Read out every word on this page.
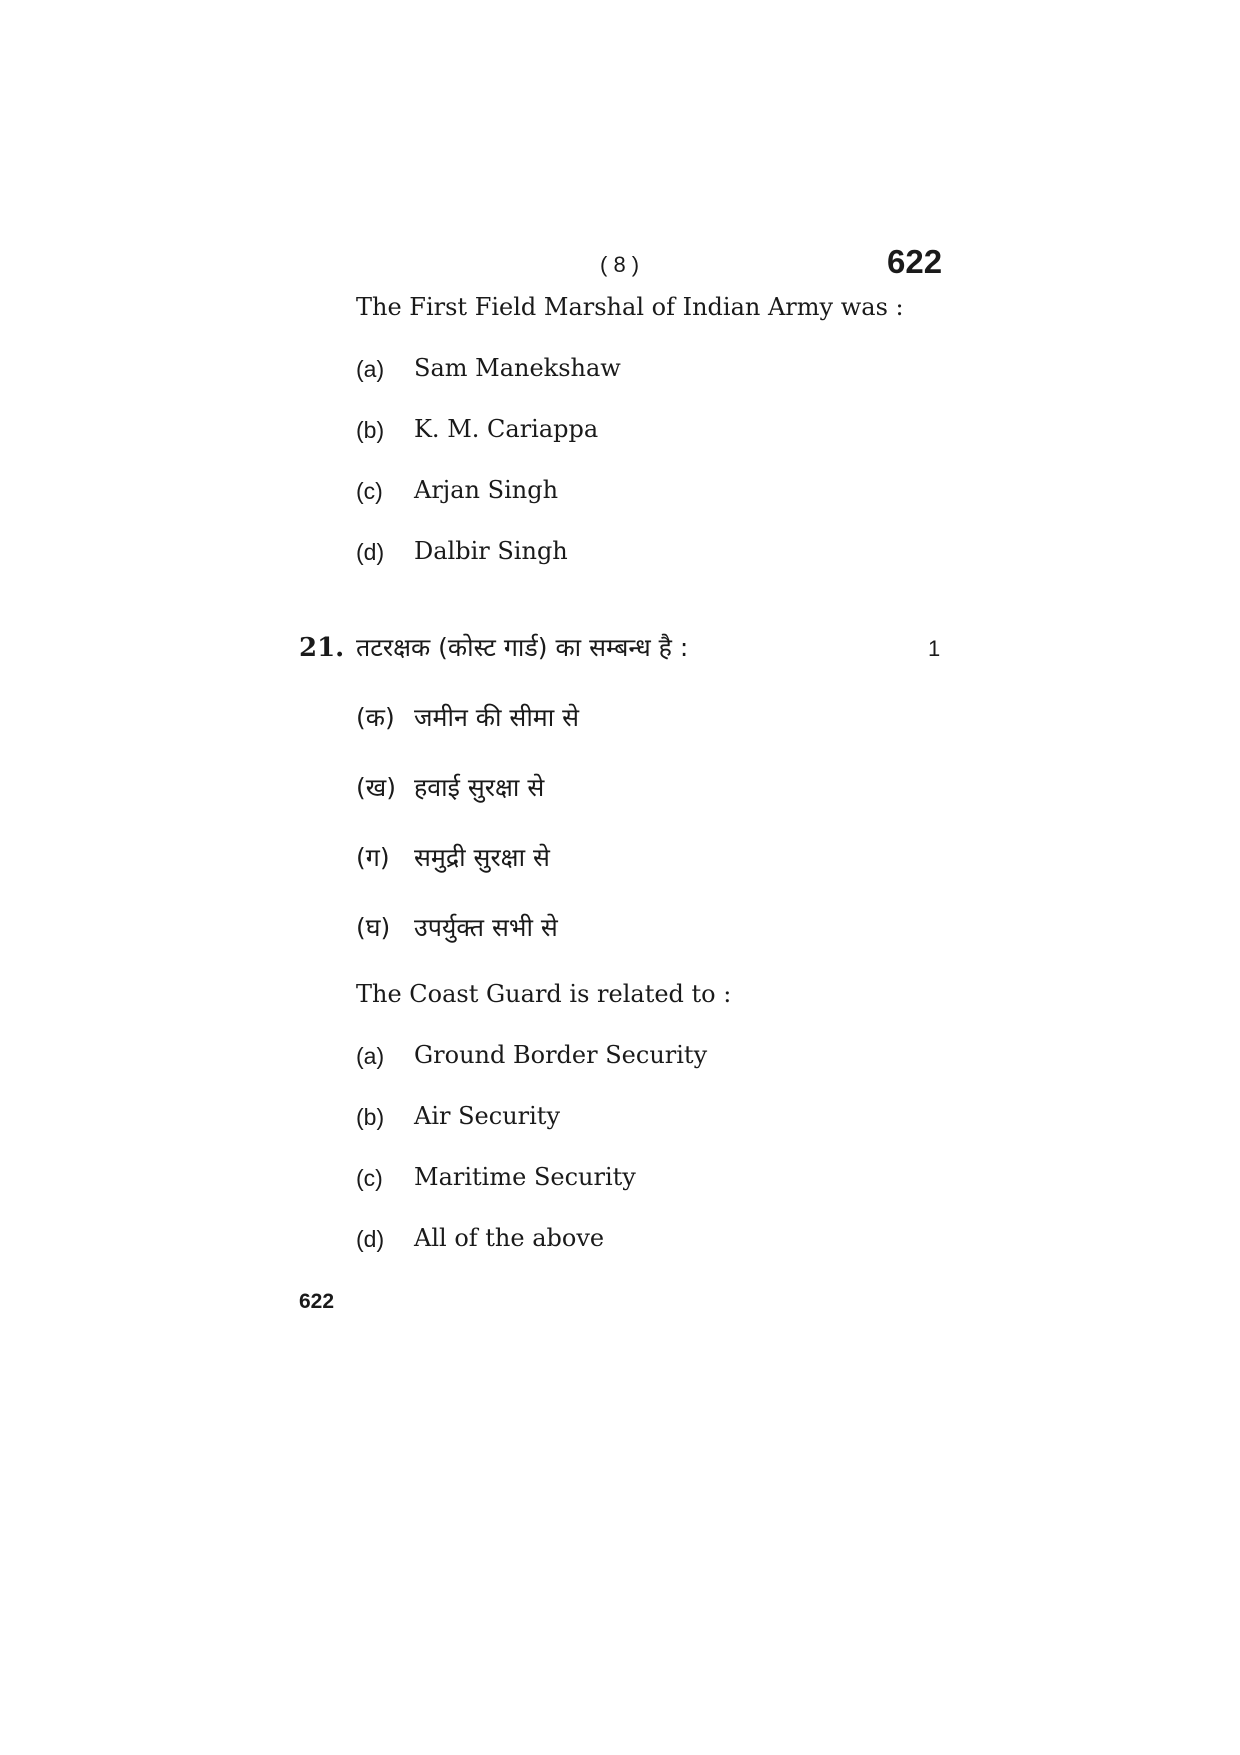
( 8 )	622
The First Field Marshal of Indian Army was :
(a) Sam Manekshaw
(b) K. M. Cariappa
(c) Arjan Singh
(d) Dalbir Singh
21. तटरक्षक (कोस्ट गार्ड) का सम्बन्ध है :	1
(क) जमीन की सीमा से
(ख) हवाई सुरक्षा से
(ग) समुद्री सुरक्षा से
(घ) उपर्युक्त सभी से
The Coast Guard is related to :
(a) Ground Border Security
(b) Air Security
(c) Maritime Security
(d) All of the above
622
